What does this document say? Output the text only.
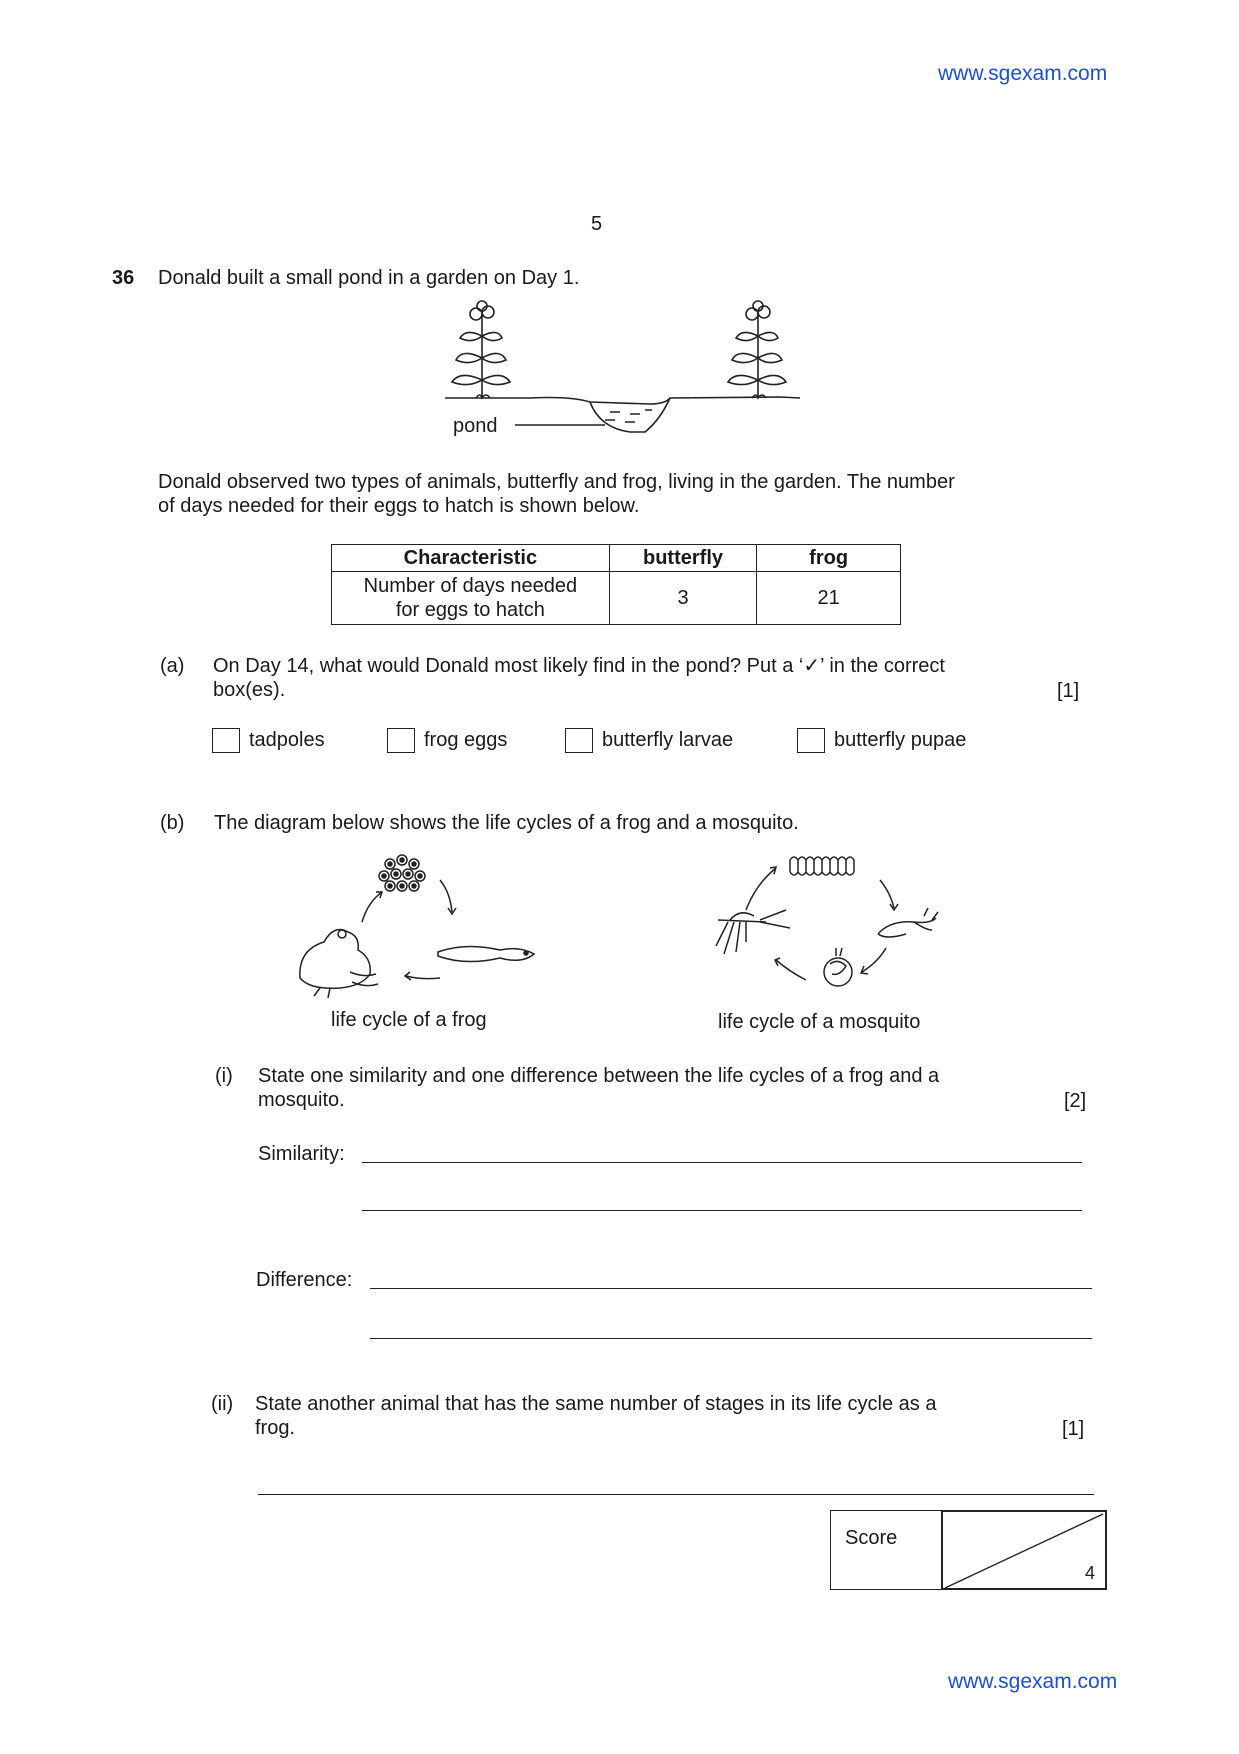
www.sgexam.com
5
36 Donald built a small pond in a garden on Day 1.
pond
Donald observed two types of animals, butterfly and frog, living in the garden. The number
of days needed for their eggs to hatch is shown below.
Characteristic	butterfly	frog
Number of days needed
for eggs to hatch	3	21
(a) On Day 14, what would Donald most likely find in the pond? Put a ‘✓’ in the correct
box(es).	[1]
tadpoles	frog eggs	butterfly larvae	butterfly pupae
(b) The diagram below shows the life cycles of a frog and a mosquito.
life cycle of a frog	life cycle of a mosquito
(i) State one similarity and one difference between the life cycles of a frog and a
mosquito.	[2]
Similarity:
Difference:
(ii) State another animal that has the same number of stages in its life cycle as a
frog.	[1]
Score
4
www.sgexam.com
